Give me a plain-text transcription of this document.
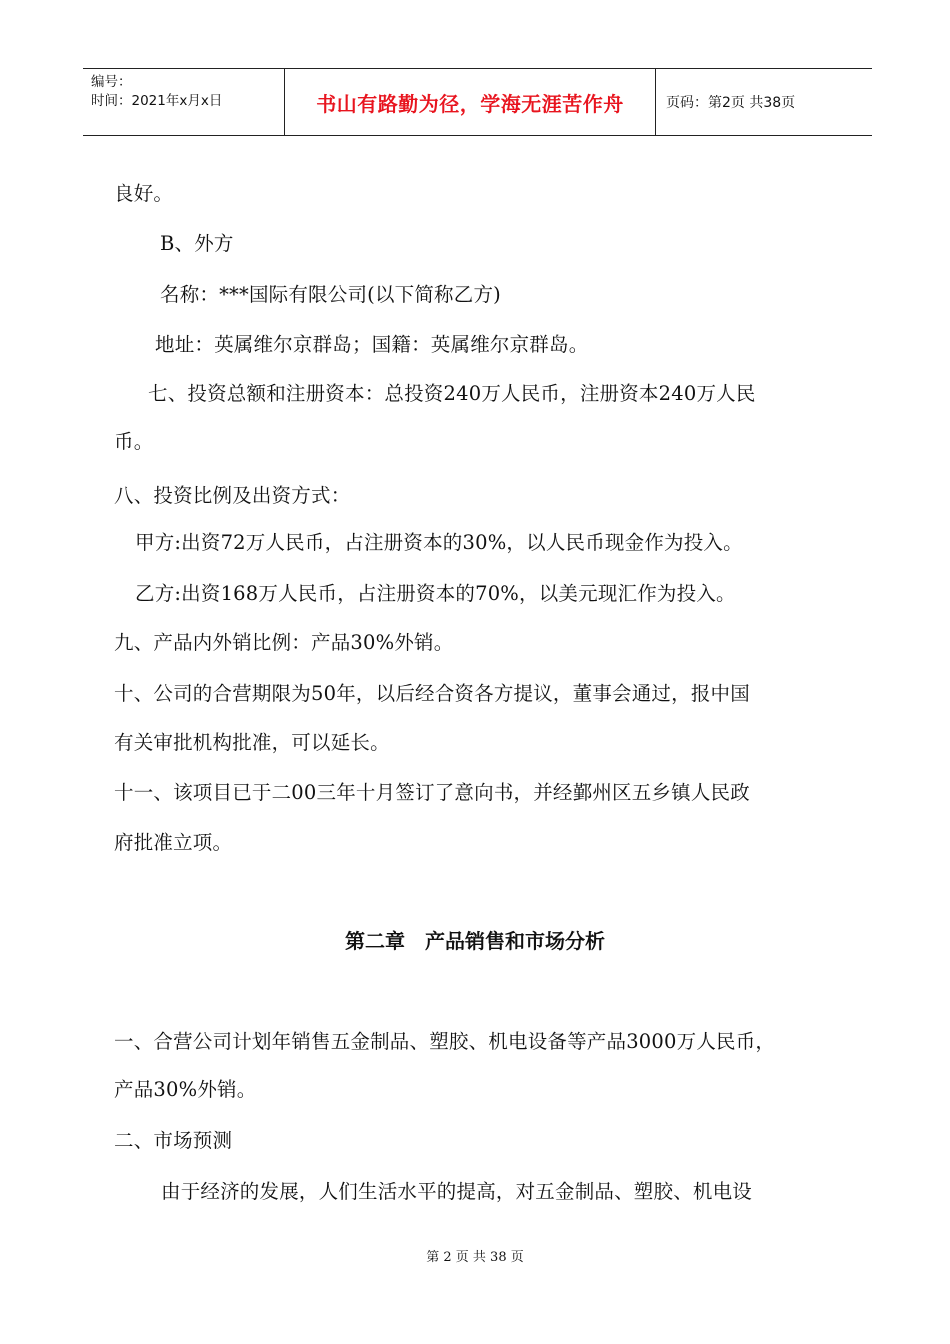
编号：
时间：2021年x月x日	书山有路勤为径，学海无涯苦作舟	页码：第2页 共38页
良好。
B、外方
名称：***国际有限公司(以下简称乙方)
地址：英属维尔京群岛；国籍：英属维尔京群岛。
七、投资总额和注册资本：总投资240万人民币，注册资本240万人民
币。
八、投资比例及出资方式：
甲方:出资72万人民币，占注册资本的30%，以人民币现金作为投入。
乙方:出资168万人民币，占注册资本的70%，以美元现汇作为投入。
九、产品内外销比例：产品30%外销。
十、公司的合营期限为50年，以后经合资各方提议，董事会通过，报中国
有关审批机构批准，可以延长。
十一、该项目已于二00三年十月签订了意向书，并经鄞州区五乡镇人民政
府批准立项。
第二章　产品销售和市场分析
一、合营公司计划年销售五金制品、塑胶、机电设备等产品3000万人民币，
产品30%外销。
二、市场预测
由于经济的发展，人们生活水平的提高，对五金制品、塑胶、机电设
第 2 页 共 38 页
